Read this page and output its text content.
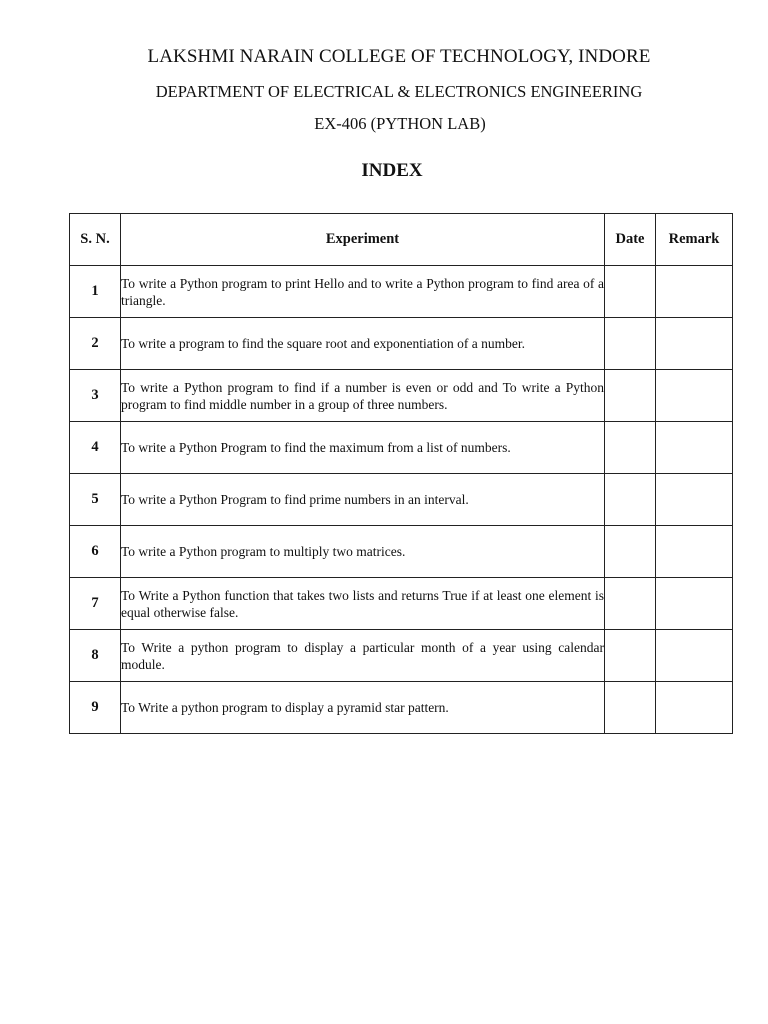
LAKSHMI NARAIN COLLEGE OF TECHNOLOGY, INDORE
DEPARTMENT OF ELECTRICAL & ELECTRONICS ENGINEERING
EX-406 (PYTHON LAB)
INDEX
S. N.	Experiment	Date	Remark
1	To write a Python program to print Hello and to write a Python program to find area of a triangle.		
2	To write a program to find the square root and exponentiation of a number.		
3	To write a Python program to find if a number is even or odd and To write a Python program to find middle number in a group of three numbers.		
4	To write a Python Program to find the maximum from a list of numbers.		
5	To write a Python Program to find prime numbers in an interval.		
6	To write a Python program to multiply two matrices.		
7	To Write a Python function that takes two lists and returns True if at least one element is equal otherwise false.		
8	To Write a python program to display a particular month of a year using calendar module.		
9	To Write a python program to display a pyramid star pattern.		
